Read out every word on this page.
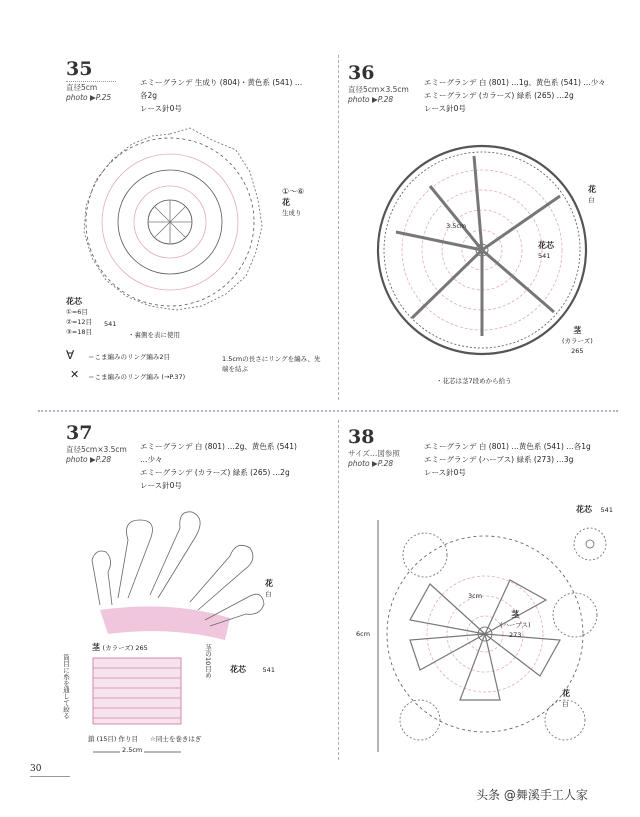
35
直径5cm
photo ▶P.25
エミーグランデ 生成り (804)・黄色系 (541) …
各2g
レース針0号
①～⑥
花
生成り
花芯
①=6目
②=12目
③=18目
541
・裏側を表に使用
＝こま編みのリング編み2目
＝こま編みのリング編み (→P.37)
1.5cmの長さにリングを編み、先端を結ぶ
∀
✕
36
直径5cm×3.5cm
photo ▶P.28
エミーグランデ 白 (801) …1g、黄色系 (541) …少々
エミーグランデ (カラーズ) 緑系 (265) …2g
レース針0号
花
白
花芯
541
3.5cm
茎
(カラーズ)
265
・花芯は茎7段めから拾う
37
直径5cm×3.5cm
photo ▶P.28
エミーグランデ 白 (801) …2g、黄色系 (541)
…少々
エミーグランデ (カラーズ) 緑系 (265) …2g
レース針0号
花
白
茎 (カラーズ) 265	茎の10目め 花芯	541
筒目に糸を通して絞る
鎖 (15目) 作り目 ☆同士を巻きはぎ
2.5cm
38
サイズ…図参照
photo ▶P.28
エミーグランデ 白 (801) …黄色系 (541) …各1g
エミーグランデ (ハーブス) 緑系 (273) …3g
レース針0号
花芯 541
6cm
3cm
茎
(ハーブス)
273
花
白
30
头条 @舞溪手工人家
